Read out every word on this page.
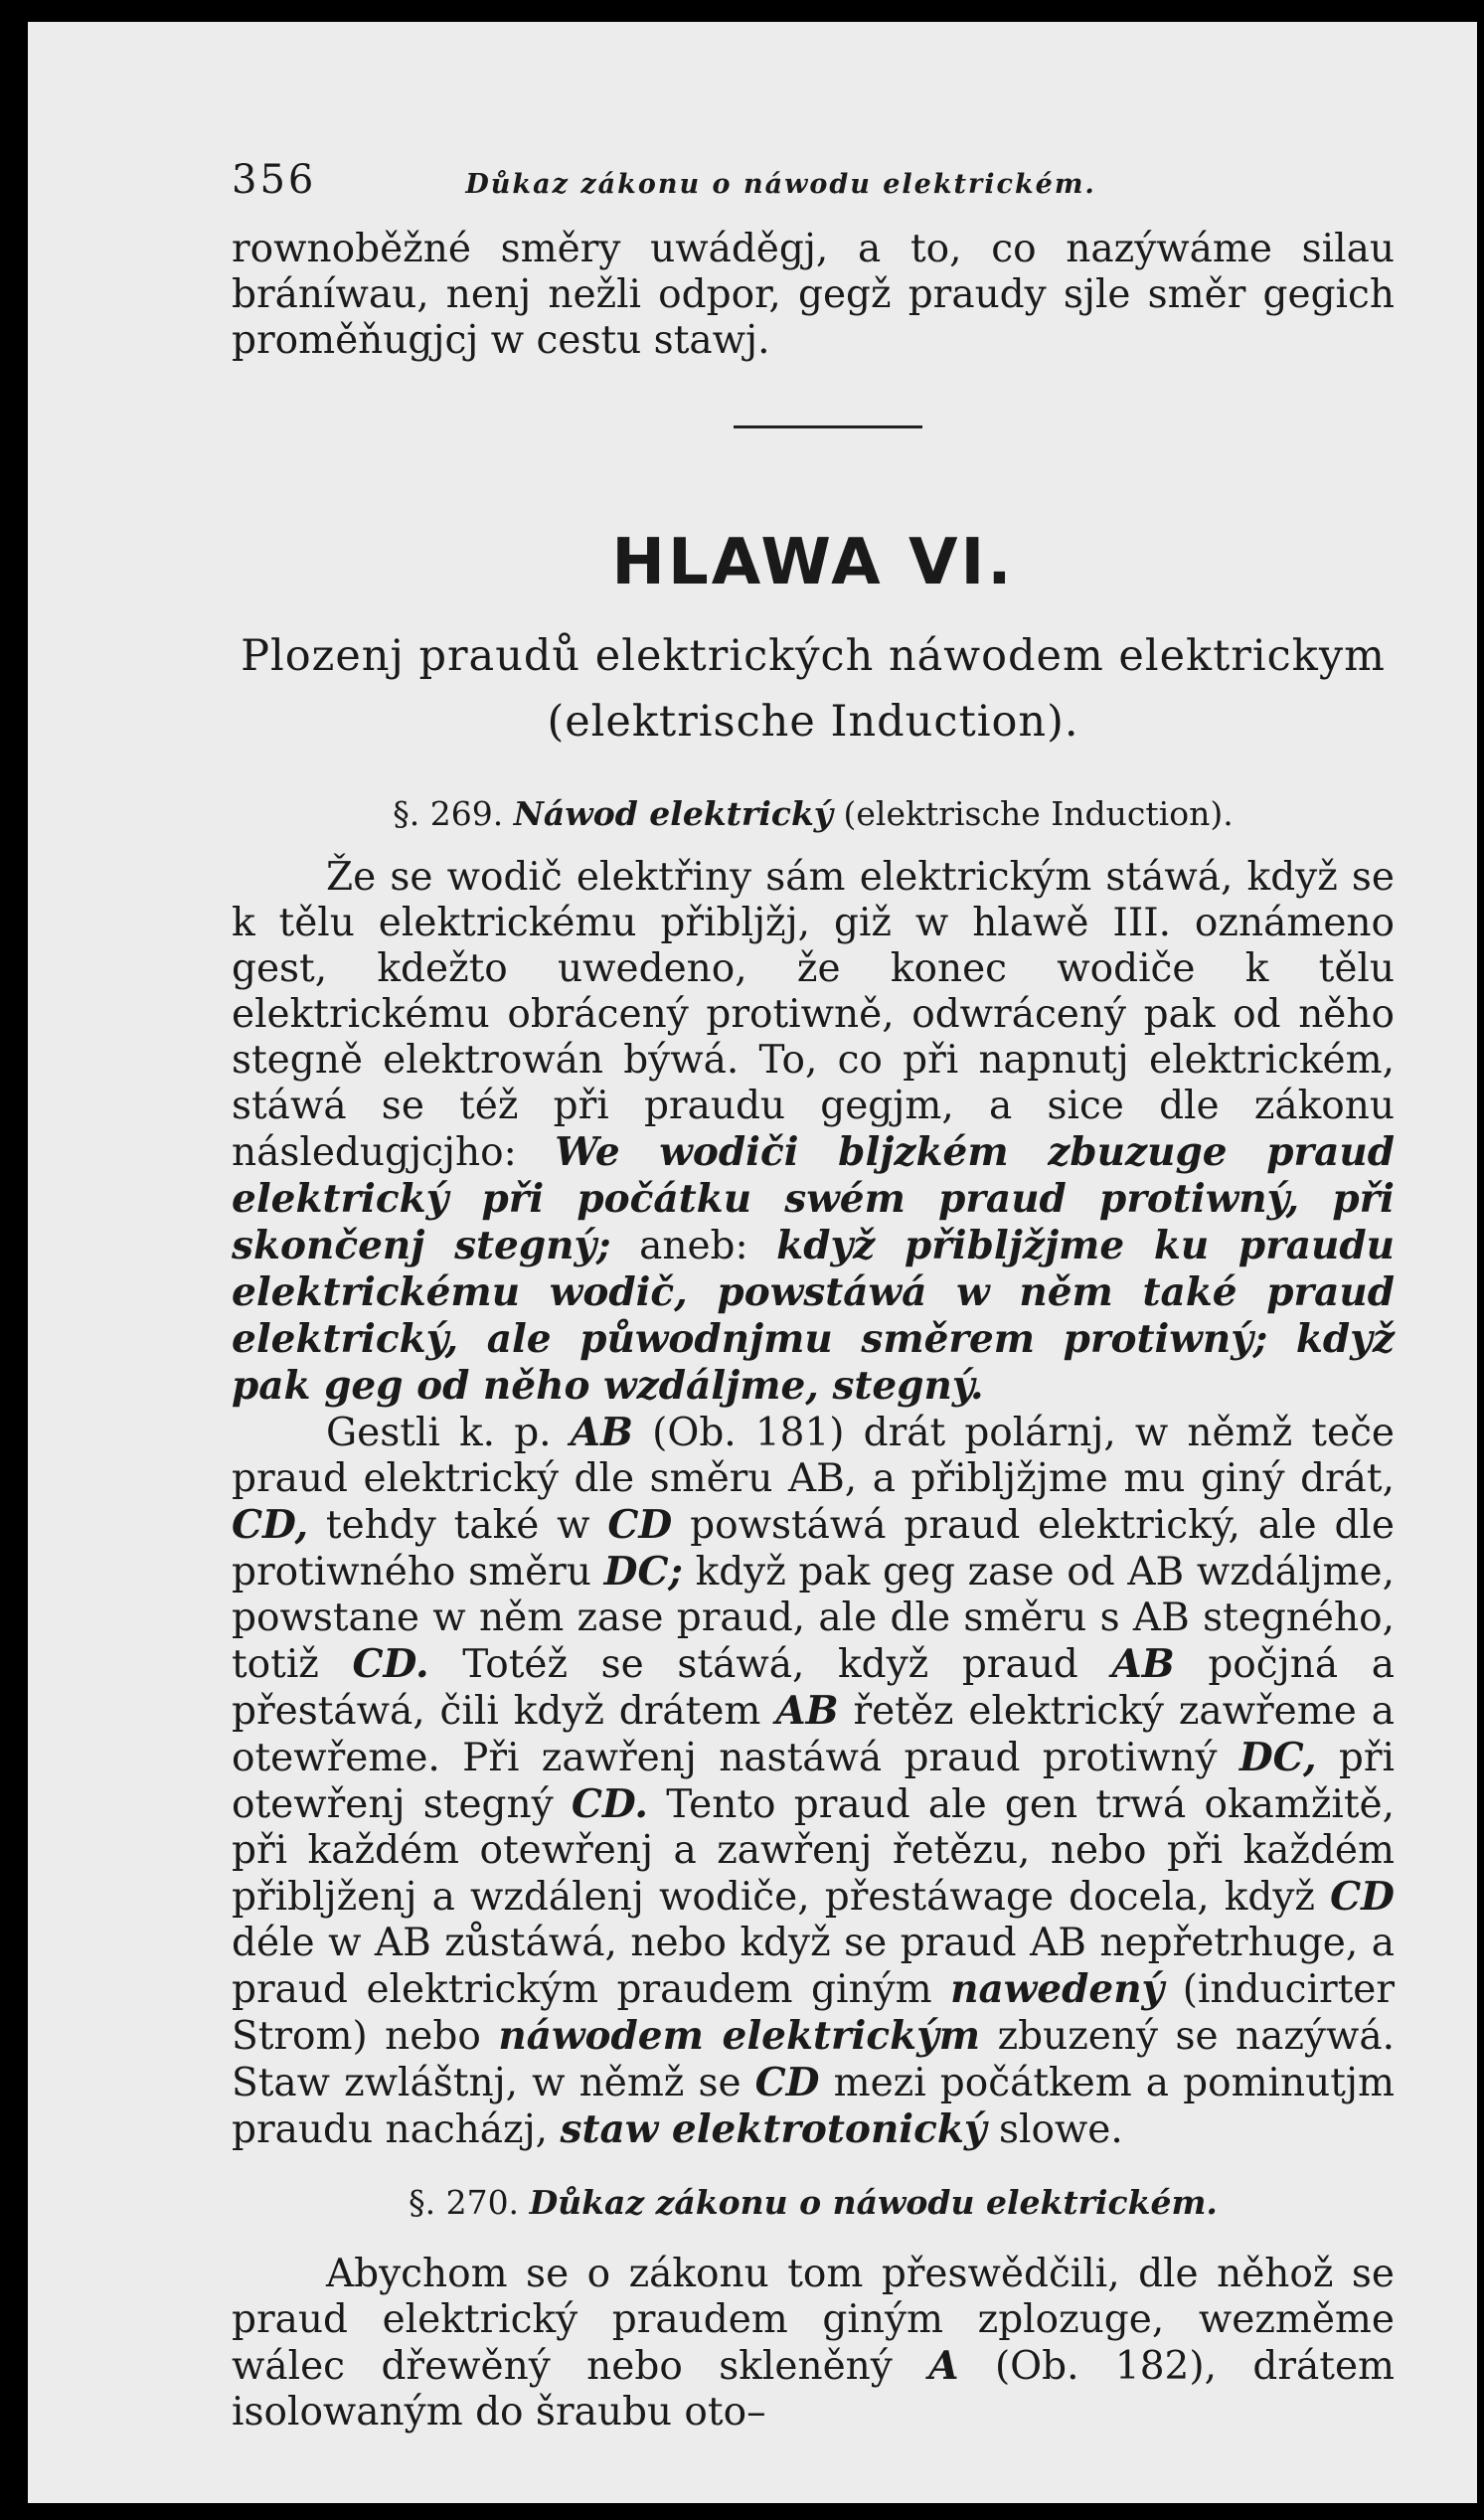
356	Důkaz zákonu o náwodu elektrickém.

rownoběžné směry uwáděgj, a to, co nazýwáme silau bráníwau, nenj nežli odpor, gegž praudy sjle směr gegich proměňugjcj w cestu stawj.

HLAWA VI.
Plozenj praudů elektrických náwodem elektrickym
(elektrische Induction).
§. 269. Náwod elektrický (elektrische Induction).

Že se wodič elektřiny sám elektrickým stáwá, když se k tělu elektrickému přibljžj, giž w hlawě III. oznámeno gest, kdežto uwedeno, že konec wodiče k tělu elektrickému obrácený protiwně, odwrácený pak od něho stegně elektrowán býwá. To, co při napnutj elektrickém, stáwá se též při praudu gegjm, a sice dle zákonu následugjcjho: We wodiči bljzkém zbuzuge praud elektrický při počátku swém praud protiwný, při skončenj stegný; aneb: když přibljžjme ku praudu elektrickému wodič, powstáwá w něm také praud elektrický, ale půwodnjmu směrem protiwný; když pak geg od něho wzdáljme, stegný.

Gestli k. p. AB (Ob. 181) drát polárnj, w němž teče praud elektrický dle směru AB, a přibljžjme mu giný drát, CD, tehdy také w CD powstáwá praud elektrický, ale dle protiwného směru DC; když pak geg zase od AB wzdáljme, powstane w něm zase praud, ale dle směru s AB stegného, totiž CD. Totéž se stáwá, když praud AB počjná a přestáwá, čili když drátem AB řetěz elektrický zawřeme a otewřeme. Při zawřenj nastáwá praud protiwný DC, při otewřenj stegný CD. Tento praud ale gen trwá okamžitě, při každém otewřenj a zawřenj řetězu, nebo při každém přibljženj a wzdálenj wodiče, přestáwage docela, když CD déle w AB zůstáwá, nebo když se praud AB nepřetrhuge, a praud elektrickým praudem giným nawedený (inducirter Strom) nebo náwodem elektrickým zbuzený se nazýwá. Staw zwláštnj, w němž se CD mezi počátkem a pominutjm praudu nacházj, staw elektrotonický slowe.

§. 270. Důkaz zákonu o náwodu elektrickém.

Abychom se o zákonu tom přeswědčili, dle něhož se praud elektrický praudem giným zplozuge, wezměme wálec dřewěný nebo skleněný A (Ob. 182), drátem isolowaným do šraubu oto–
